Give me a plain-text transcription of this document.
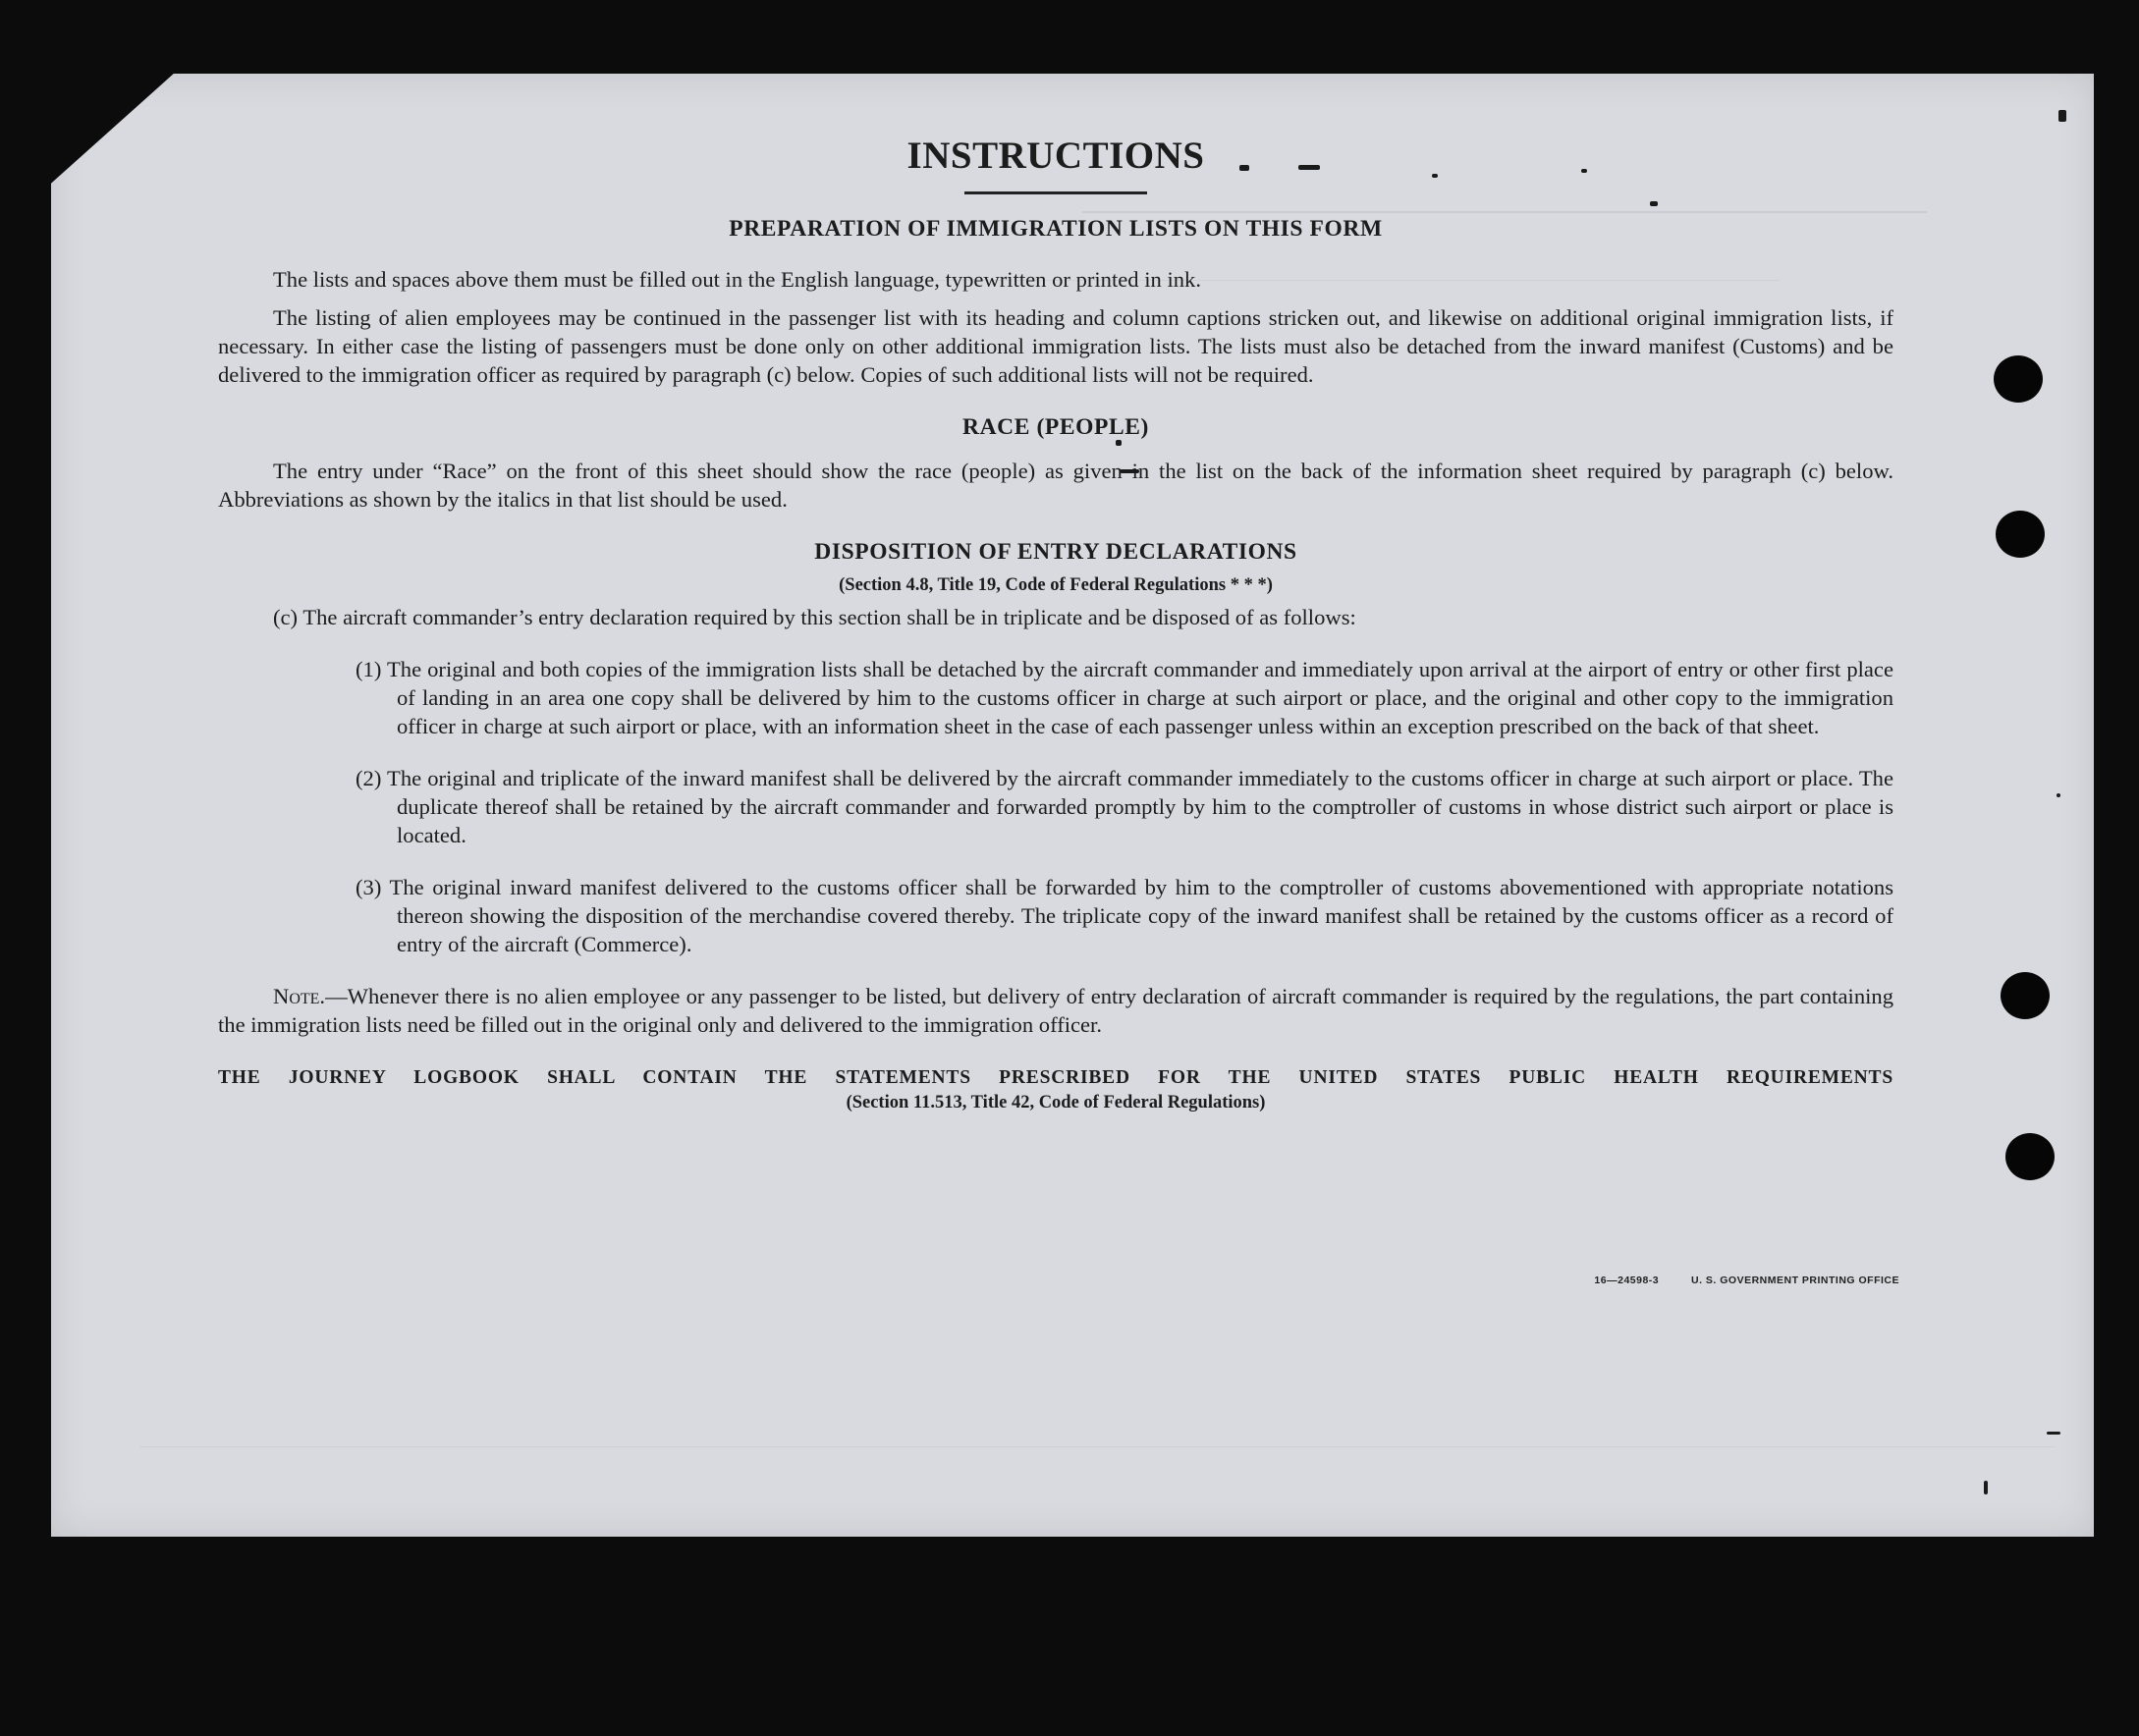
INSTRUCTIONS
PREPARATION OF IMMIGRATION LISTS ON THIS FORM

The lists and spaces above them must be filled out in the English language, typewritten or printed in ink.

The listing of alien employees may be continued in the passenger list with its heading and column captions stricken out, and likewise on additional original immigration lists, if necessary. In either case the listing of passengers must be done only on other additional immigration lists. The lists must also be detached from the inward manifest (Customs) and be delivered to the immigration officer as required by paragraph (c) below. Copies of such additional lists will not be required.

RACE (PEOPLE)

The entry under “Race” on the front of this sheet should show the race (people) as given in the list on the back of the information sheet required by paragraph (c) below. Abbreviations as shown by the italics in that list should be used.

DISPOSITION OF ENTRY DECLARATIONS
(Section 4.8, Title 19, Code of Federal Regulations * * *)

(c) The aircraft commander’s entry declaration required by this section shall be in triplicate and be disposed of as follows:

(1) The original and both copies of the immigration lists shall be detached by the aircraft commander and immediately upon arrival at the airport of entry or other first place of landing in an area one copy shall be delivered by him to the customs officer in charge at such airport or place, and the original and other copy to the immigration officer in charge at such airport or place, with an information sheet in the case of each passenger unless within an exception prescribed on the back of that sheet.

(2) The original and triplicate of the inward manifest shall be delivered by the aircraft commander immediately to the customs officer in charge at such airport or place. The duplicate thereof shall be retained by the aircraft commander and forwarded promptly by him to the comptroller of customs in whose district such airport or place is located.

(3) The original inward manifest delivered to the customs officer shall be forwarded by him to the comptroller of customs abovementioned with appropriate notations thereon showing the disposition of the merchandise covered thereby. The triplicate copy of the inward manifest shall be retained by the customs officer as a record of entry of the aircraft (Commerce).

Note.—Whenever there is no alien employee or any passenger to be listed, but delivery of entry declaration of aircraft commander is required by the regulations, the part containing the immigration lists need be filled out in the original only and delivered to the immigration officer.

THE JOURNEY LOGBOOK SHALL CONTAIN THE STATEMENTS PRESCRIBED FOR THE UNITED STATES PUBLIC HEALTH REQUIREMENTS

(Section 11.513, Title 42, Code of Federal Regulations)
16—24598-3	U. S. GOVERNMENT PRINTING OFFICE
